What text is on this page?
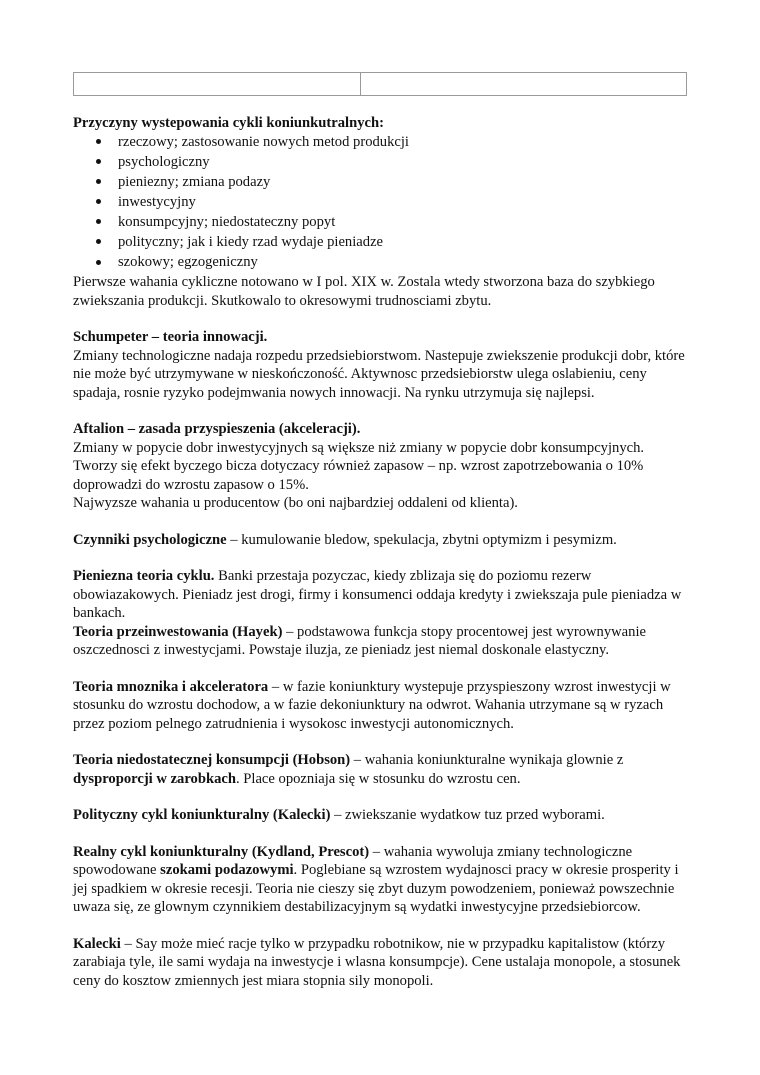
Przyczyny wystepowania cykli koniunkutralnych:

rzeczowy; zastosowanie nowych metod produkcji
psychologiczny
pieniezny; zmiana podazy
inwestycyjny
konsumpcyjny; niedostateczny popyt
polityczny; jak i kiedy rzad wydaje pieniadze
szokowy; egzogeniczny

Pierwsze wahania cykliczne notowano w I pol. XIX w. Zostala wtedy stworzona baza do szybkiego zwiekszania produkcji. Skutkowalo to okresowymi trudnosciami zbytu.

Schumpeter – teoria innowacji.

Zmiany technologiczne nadaja rozpedu przedsiebiorstwom. Nastepuje zwiekszenie produkcji dobr, które nie może być utrzymywane w nieskończoność. Aktywnosc przedsiebiorstw ulega oslabieniu, ceny spadaja, rosnie ryzyko podejmwania nowych innowacji. Na rynku utrzymuja się najlepsi.

Aftalion – zasada przyspieszenia (akceleracji).

Zmiany w popycie dobr inwestycyjnych są większe niż zmiany w popycie dobr konsumpcyjnych. Tworzy się efekt byczego bicza dotyczacy również zapasow – np. wzrost zapotrzebowania o 10% doprowadzi do wzrostu zapasow o 15%.

Najwyzsze wahania u producentow (bo oni najbardziej oddaleni od klienta).

Czynniki psychologiczne – kumulowanie bledow, spekulacja, zbytni optymizm i pesymizm.

Pieniezna teoria cyklu. Banki przestaja pozyczac, kiedy zblizaja się do poziomu rezerw obowiazakowych. Pieniadz jest drogi, firmy i konsumenci oddaja kredyty i zwiekszaja pule pieniadza w bankach.

Teoria przeinwestowania (Hayek) – podstawowa funkcja stopy procentowej jest wyrownywanie oszczednosci z inwestycjami. Powstaje iluzja, ze pieniadz jest niemal doskonale elastyczny.

Teoria mnoznika i akceleratora – w fazie koniunktury wystepuje przyspieszony wzrost inwestycji w stosunku do wzrostu dochodow, a w fazie dekoniunktury na odwrot. Wahania utrzymane są w ryzach przez poziom pelnego zatrudnienia i wysokosc inwestycji autonomicznych.

Teoria niedostatecznej konsumpcji (Hobson) – wahania koniunkturalne wynikaja glownie z dysproporcji w zarobkach. Place opozniaja się w stosunku do wzrostu cen.

Polityczny cykl koniunkturalny (Kalecki) – zwiekszanie wydatkow tuz przed wyborami.

Realny cykl koniunkturalny (Kydland, Prescot) – wahania wywoluja zmiany technologiczne spowodowane szokami podazowymi. Poglebiane są wzrostem wydajnosci pracy w okresie prosperity i jej spadkiem w okresie recesji. Teoria nie cieszy się zbyt duzym powodzeniem, ponieważ powszechnie uwaza się, ze glownym czynnikiem destabilizacyjnym są wydatki inwestycyjne przedsiebiorcow.

Kalecki – Say może mieć racje tylko w przypadku robotnikow, nie w przypadku kapitalistow (którzy zarabiaja tyle, ile sami wydaja na inwestycje i wlasna konsumpcje). Cene ustalaja monopole, a stosunek ceny do kosztow zmiennych jest miara stopnia sily monopoli.
